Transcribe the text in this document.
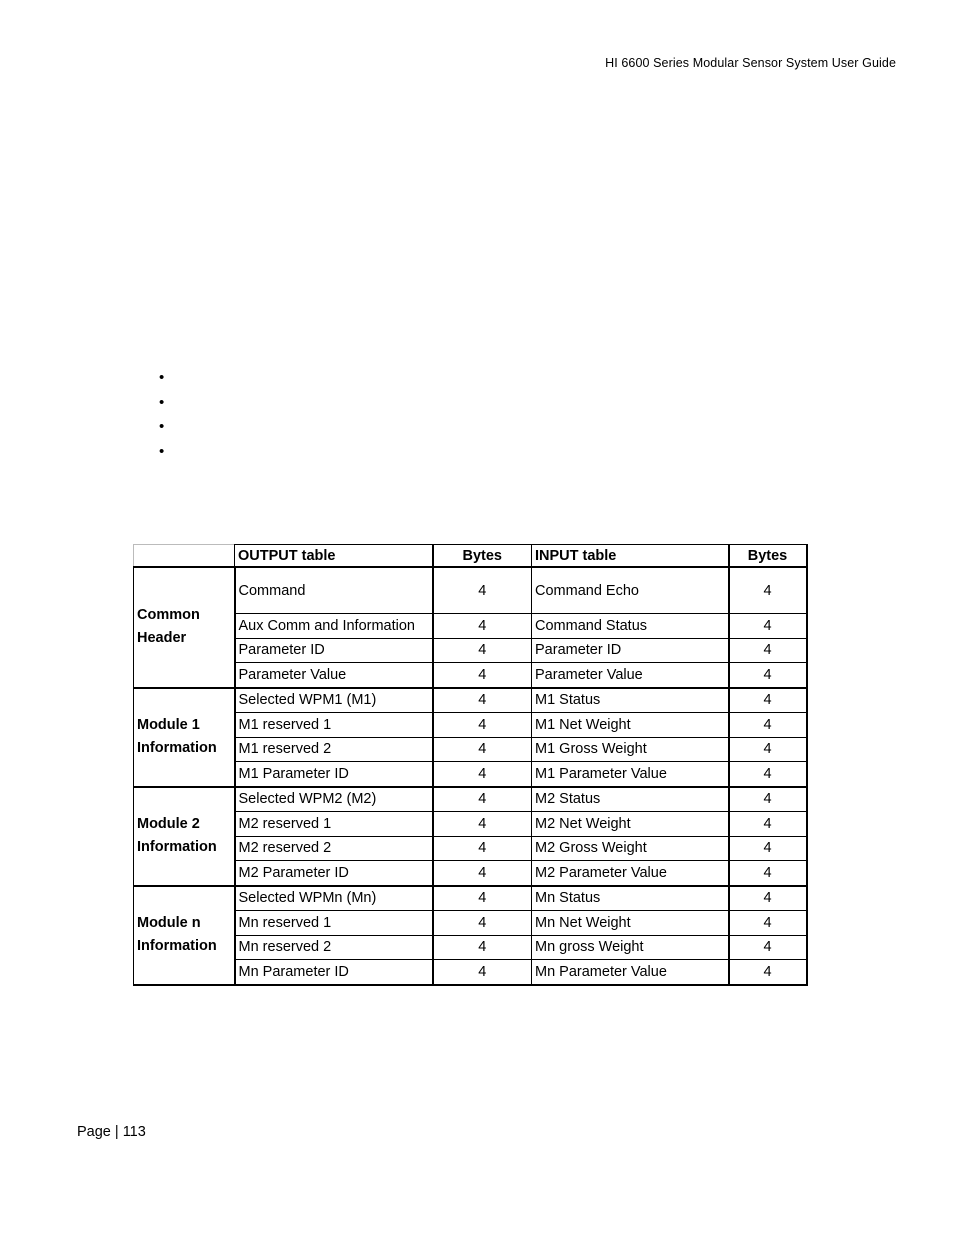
HI 6600 Series Modular Sensor System User Guide
•
•
•
•
	OUTPUT table	Bytes	INPUT table	Bytes
Common Header	Command	4	Command Echo	4
	Aux Comm and Information	4	Command Status	4
	Parameter ID	4	Parameter ID	4
	Parameter Value	4	Parameter Value	4
Module 1 Information	Selected WPM1 (M1)	4	M1 Status	4
	M1 reserved 1	4	M1 Net Weight	4
	M1 reserved 2	4	M1 Gross Weight	4
	M1 Parameter ID	4	M1 Parameter Value	4
Module 2 Information	Selected WPM2 (M2)	4	M2 Status	4
	M2 reserved 1	4	M2 Net Weight	4
	M2 reserved 2	4	M2 Gross Weight	4
	M2 Parameter ID	4	M2 Parameter Value	4
Module n Information	Selected WPMn (Mn)	4	Mn Status	4
	Mn reserved 1	4	Mn Net Weight	4
	Mn reserved 2	4	Mn gross Weight	4
	Mn Parameter ID	4	Mn Parameter Value	4
Page | 113
